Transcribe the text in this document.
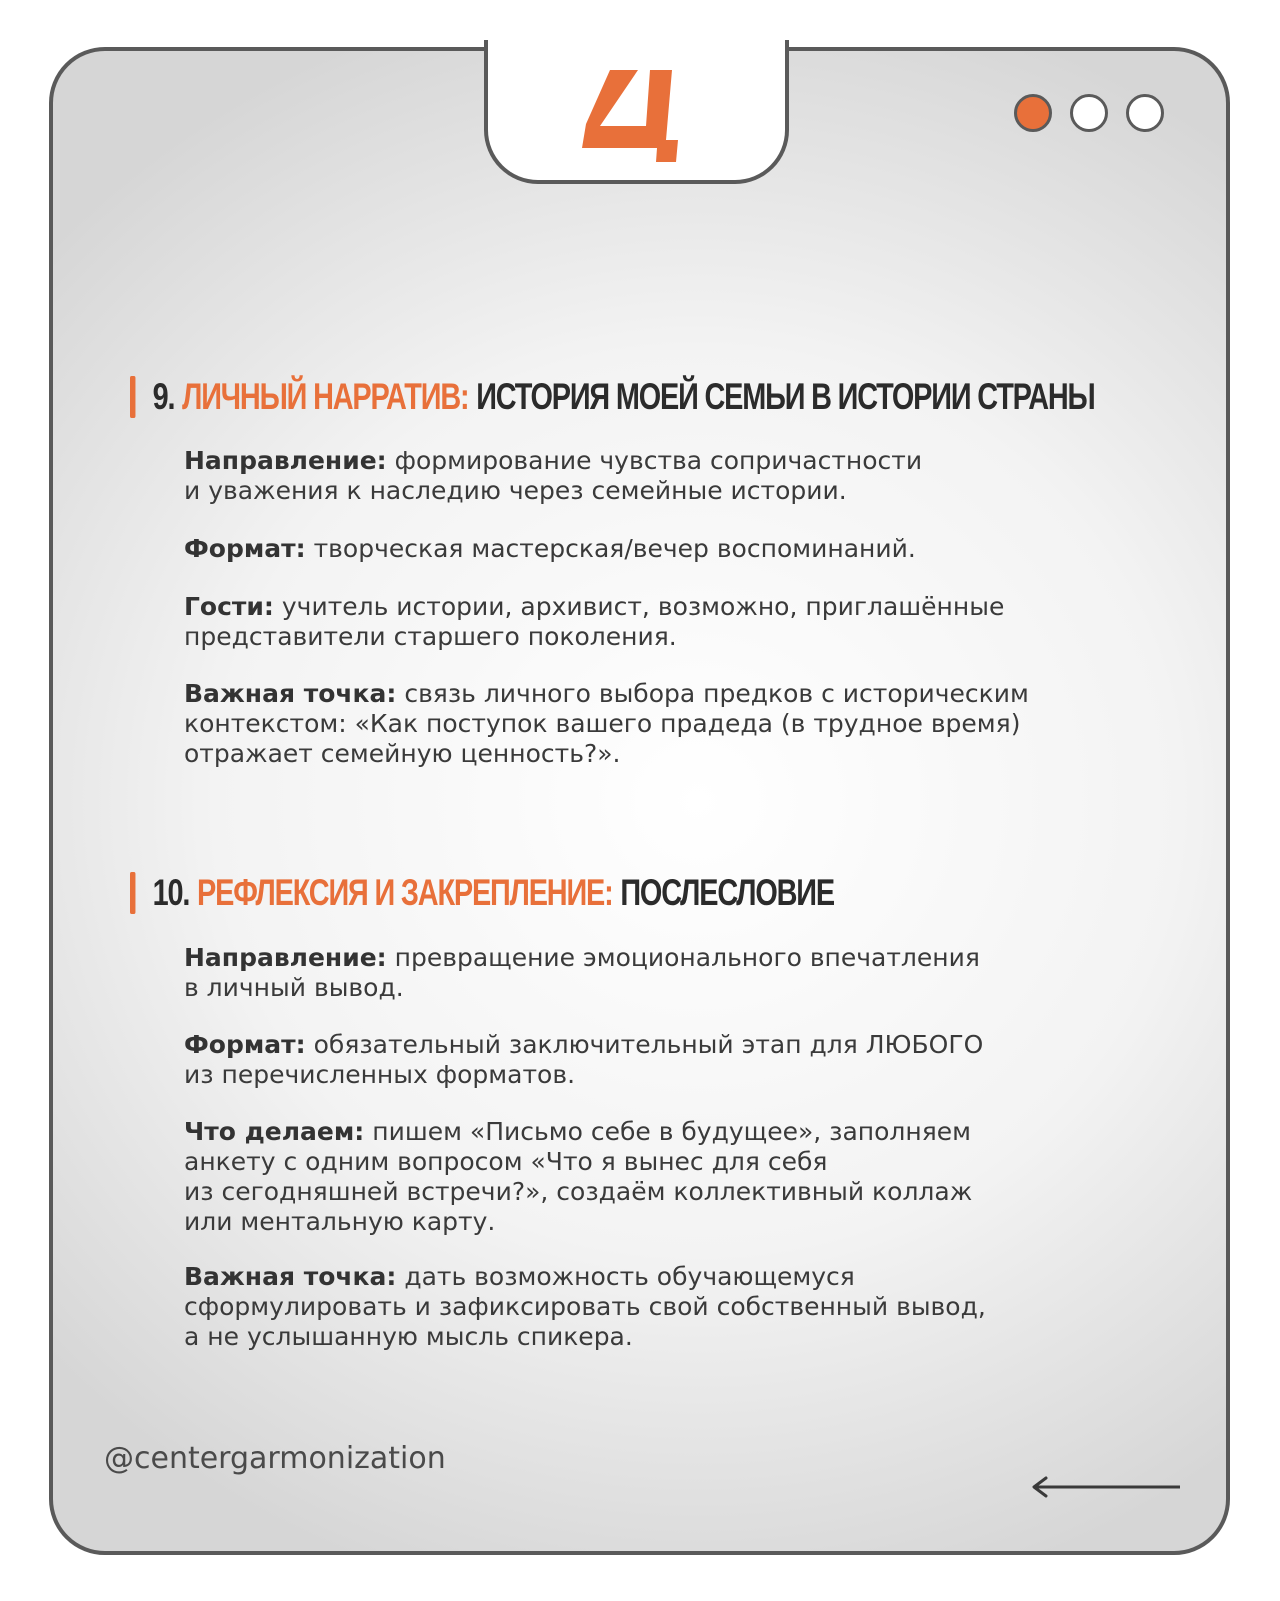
9. ЛИЧНЫЙ НАРРАТИВ: ИСТОРИЯ МОЕЙ СЕМЬИ В ИСТОРИИ СТРАНЫ

Направление: формирование чувства сопричастности
и уважения к наследию через семейные истории.

Формат: творческая мастерская/вечер воспоминаний.

Гости: учитель истории, архивист, возможно, приглашённые
представители старшего поколения.

Важная точка: связь личного выбора предков с историческим
контекстом: «Как поступок вашего прадеда (в трудное время)
отражает семейную ценность?».

10. РЕФЛЕКСИЯ И ЗАКРЕПЛЕНИЕ: ПОСЛЕСЛОВИЕ

Направление: превращение эмоционального впечатления
в личный вывод.

Формат: обязательный заключительный этап для ЛЮБОГО
из перечисленных форматов.

Что делаем: пишем «Письмо себе в будущее», заполняем
анкету с одним вопросом «Что я вынес для себя
из сегодняшней встречи?», создаём коллективный коллаж
или ментальную карту.

Важная точка: дать возможность обучающемуся
сформулировать и зафиксировать свой собственный вывод,
а не услышанную мысль спикера.

@centergarmonization
